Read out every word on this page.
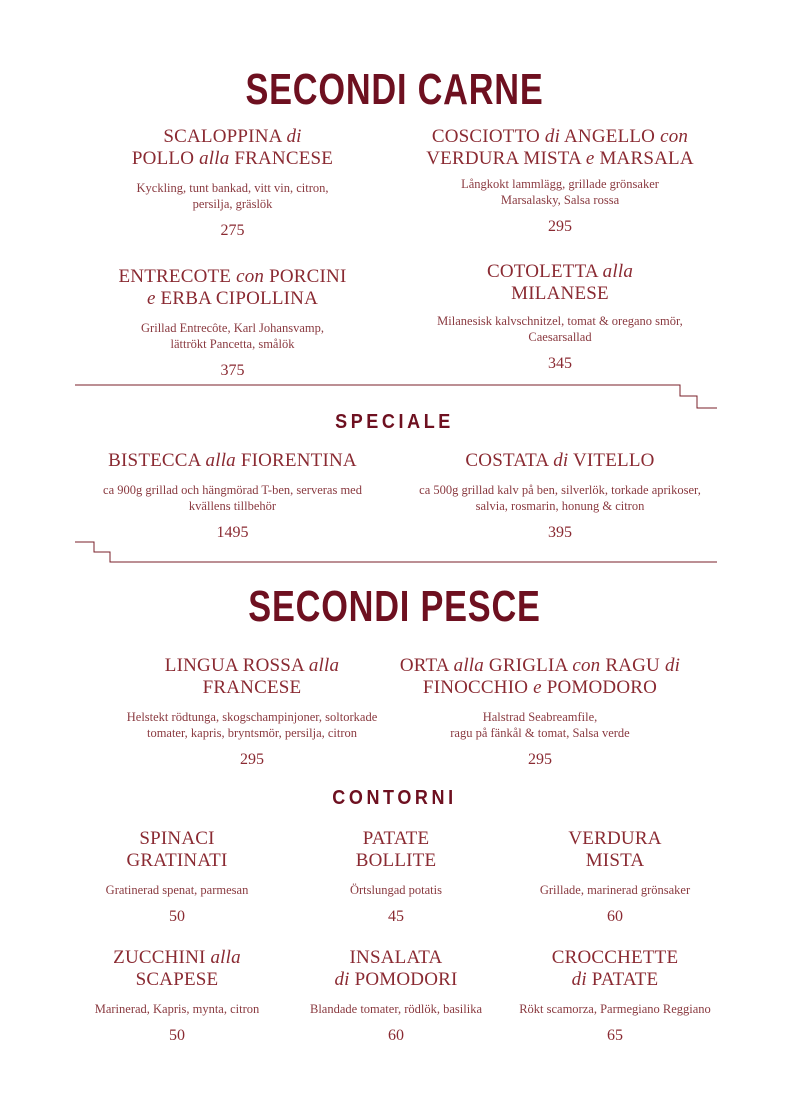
SECONDI CARNE
SPECIALE
SECONDI PESCE
CONTORNI
SCALOPPINA di
POLLO alla FRANCESE
Kyckling, tunt bankad, vitt vin, citron,
persilja, gräslök
275
COSCIOTTO di ANGELLO con
VERDURA MISTA e MARSALA
Långkokt lammlägg, grillade grönsaker
Marsalasky, Salsa rossa
295
ENTRECOTE con PORCINI
e ERBA CIPOLLINA
Grillad Entrecôte, Karl Johansvamp,
lättrökt Pancetta, smålök
375
COTOLETTA alla
MILANESE
Milanesisk kalvschnitzel, tomat & oregano smör,
Caesarsallad
345
BISTECCA alla FIORENTINA
ca 900g grillad och hängmörad T-ben, serveras med
kvällens tillbehör
1495
COSTATA di VITELLO
ca 500g grillad kalv på ben, silverlök, torkade aprikoser,
salvia, rosmarin, honung & citron
395
LINGUA ROSSA alla
FRANCESE
Helstekt rödtunga, skogschampinjoner, soltorkade
tomater, kapris, bryntsmör, persilja, citron
295
ORTA alla GRIGLIA con RAGU di
FINOCCHIO e POMODORO
Halstrad Seabreamfile,
ragu på fänkål & tomat, Salsa verde
295
SPINACI
GRATINATI
Gratinerad spenat, parmesan
50
PATATE
BOLLITE
Örtslungad potatis
45
VERDURA
MISTA
Grillade, marinerad grönsaker
60
ZUCCHINI alla
SCAPESE
Marinerad, Kapris, mynta, citron
50
INSALATA
di POMODORI
Blandade tomater, rödlök, basilika
60
CROCCHETTE
di PATATE
Rökt scamorza, Parmegiano Reggiano
65
